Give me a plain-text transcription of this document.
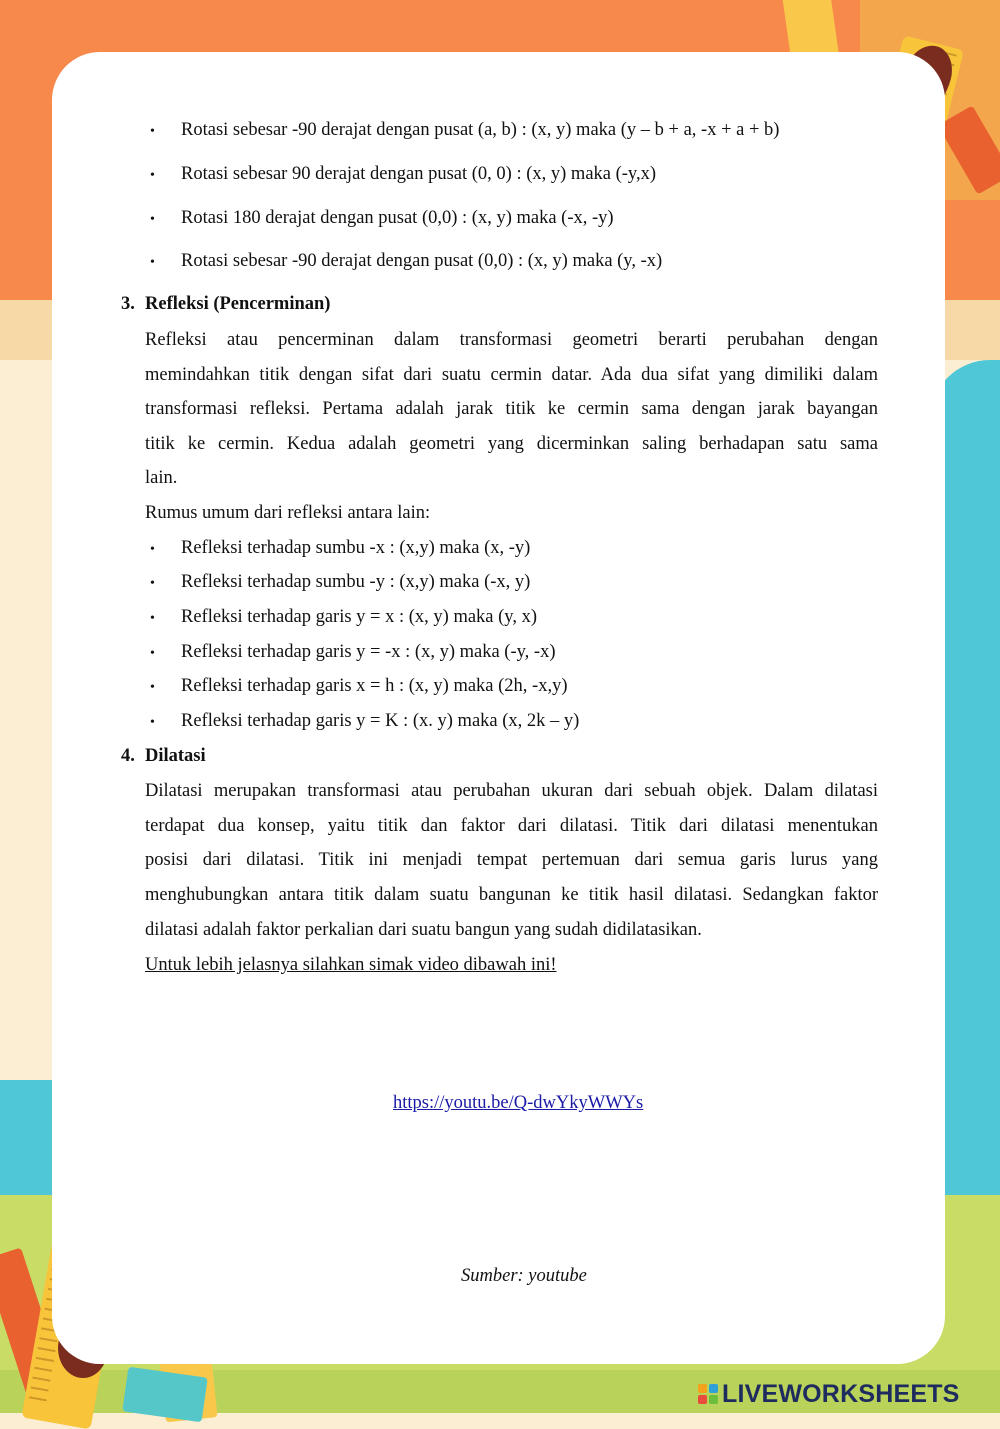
• Rotasi sebesar -90 derajat dengan pusat (a, b) : (x, y) maka (y – b + a, -x + a + b)
• Rotasi sebesar 90 derajat dengan pusat (0, 0) : (x, y) maka (-y,x)
• Rotasi 180 derajat dengan pusat (0,0) : (x, y) maka (-x, -y)
• Rotasi sebesar -90 derajat dengan pusat (0,0) : (x, y) maka (y, -x)
3. Refleksi (Pencerminan)
Refleksi atau pencerminan dalam transformasi geometri berarti perubahan dengan
memindahkan titik dengan sifat dari suatu cermin datar. Ada dua sifat yang dimiliki dalam
transformasi refleksi. Pertama adalah jarak titik ke cermin sama dengan jarak bayangan
titik ke cermin. Kedua adalah geometri yang dicerminkan saling berhadapan satu sama
lain.
Rumus umum dari refleksi antara lain:
• Refleksi terhadap sumbu -x : (x,y) maka (x, -y)
• Refleksi terhadap sumbu -y : (x,y) maka (-x, y)
• Refleksi terhadap garis y = x : (x, y) maka (y, x)
• Refleksi terhadap garis y = -x : (x, y) maka (-y, -x)
• Refleksi terhadap garis x = h : (x, y) maka (2h, -x,y)
• Refleksi terhadap garis y = K : (x. y) maka (x, 2k – y)
4. Dilatasi
Dilatasi merupakan transformasi atau perubahan ukuran dari sebuah objek. Dalam dilatasi
terdapat dua konsep, yaitu titik dan faktor dari dilatasi. Titik dari dilatasi menentukan
posisi dari dilatasi. Titik ini menjadi tempat pertemuan dari semua garis lurus yang
menghubungkan antara titik dalam suatu bangunan ke titik hasil dilatasi. Sedangkan faktor
dilatasi adalah faktor perkalian dari suatu bangun yang sudah didilatasikan.
Untuk lebih jelasnya silahkan simak video dibawah ini!
https://youtu.be/Q-dwYkyWWYs
Sumber: youtube
LIVEWORKSHEETS
